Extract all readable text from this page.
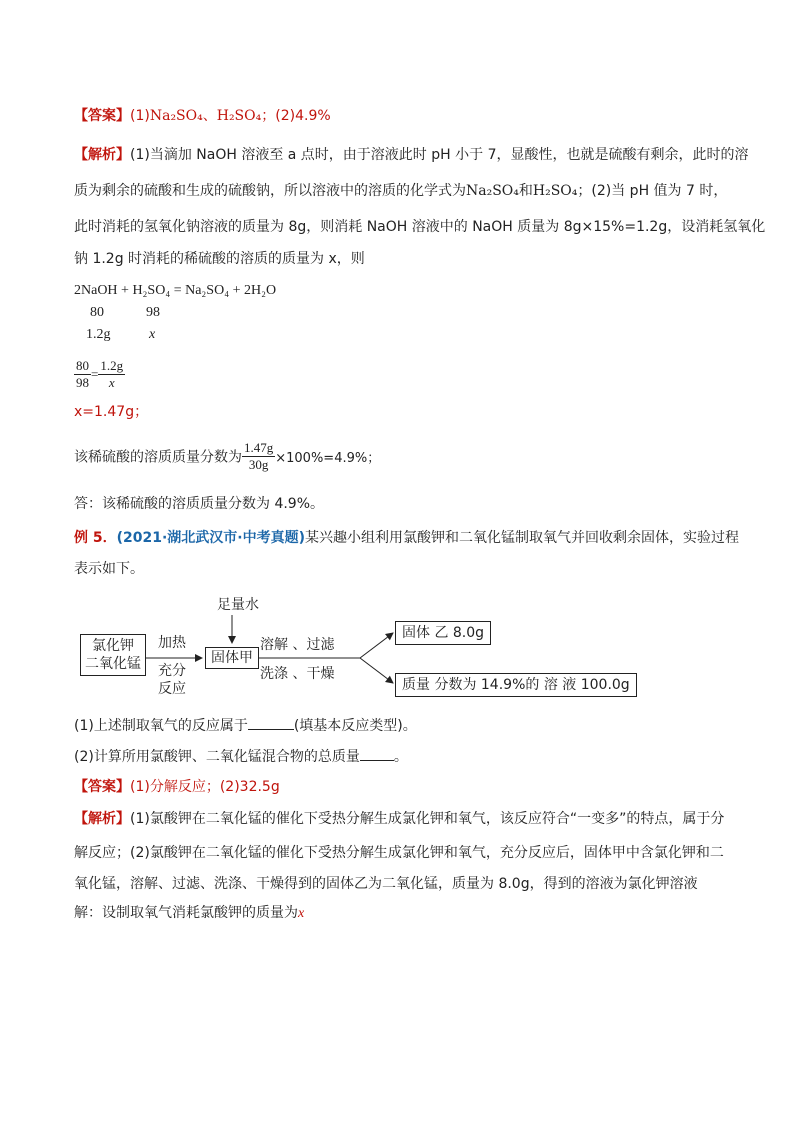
【答案】(1)Na₂SO₄、H₂SO₄；(2)4.9%
【解析】(1)当滴加 NaOH 溶液至 a 点时，由于溶液此时 pH 小于 7，显酸性，也就是硫酸有剩余，此时的溶
质为剩余的硫酸和生成的硫酸钠，所以溶液中的溶质的化学式为Na₂SO₄和H₂SO₄；(2)当 pH 值为 7 时，
此时消耗的氢氧化钠溶液的质量为 8g，则消耗 NaOH 溶液中的 NaOH 质量为 8g×15%=1.2g，设消耗氢氧化
钠 1.2g 时消耗的稀硫酸的溶质的质量为 x，则
2NaOH + H₂SO₄ = Na₂SO₄ + 2H₂O
80	98
1.2g	x
$\frac{80}{98} = \frac{1.2g}{x}$
x=1.47g；
该稀硫酸的溶质质量分数为 $\frac{1.47g}{30g} \times 100\%=4.9\%$；
答：该稀硫酸的溶质质量分数为 4.9%。
例 5．(2021·湖北武汉市·中考真题)某兴趣小组利用氯酸钾和二氧化锰制取氧气并回收剩余固体，实验过程
表示如下。
足量水
氯化钾
二氧化锰
加热
充分
反应
固体甲
溶解 、过滤
洗涤 、干燥
固体 乙 8.0g
质量 分数为 14.9%的 溶 液 100.0g
(1)上述制取氧气的反应属于	(填基本反应类型)。
(2)计算所用氯酸钾、二氧化锰混合物的总质量 。
【答案】(1)分解反应；(2)32.5g
【解析】(1)氯酸钾在二氧化锰的催化下受热分解生成氯化钾和氧气，该反应符合“一变多”的特点，属于分
解反应；(2)氯酸钾在二氧化锰的催化下受热分解生成氯化钾和氧气，充分反应后，固体甲中含氯化钾和二
氧化锰，溶解、过滤、洗涤、干燥得到的固体乙为二氧化锰，质量为 8.0g，得到的溶液为氯化钾溶液
解：设制取氧气消耗氯酸钾的质量为x
